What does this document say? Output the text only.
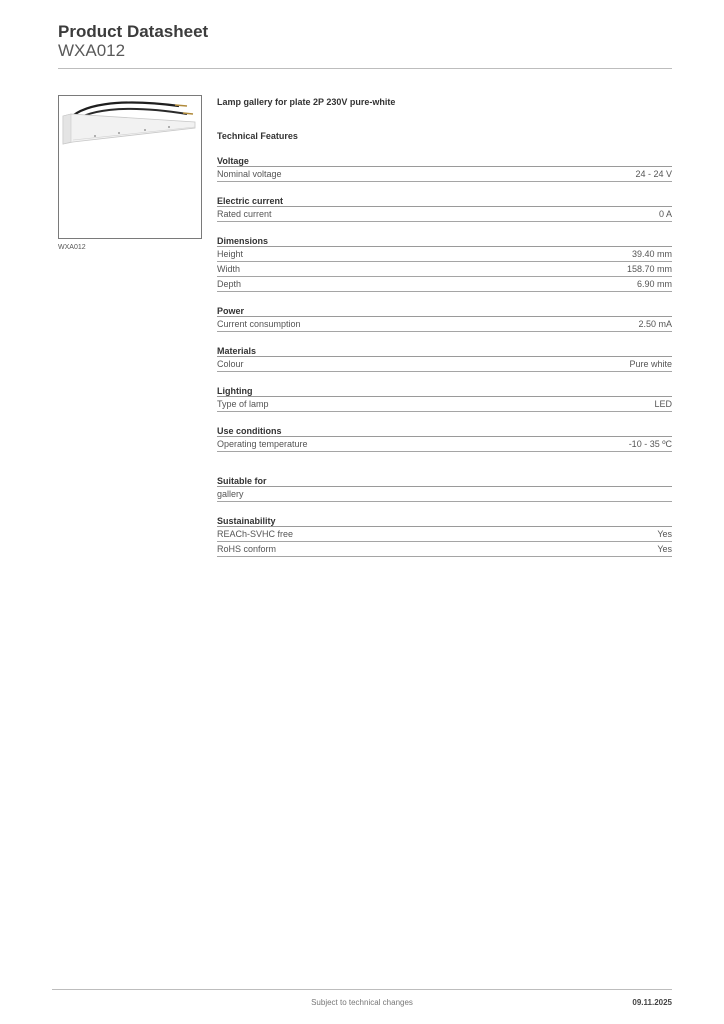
Product Datasheet
WXA012
WXA012
Lamp gallery for plate 2P 230V pure-white
Technical Features
Voltage
Nominal voltage	24 - 24 V
Electric current
Rated current	0 A
Dimensions
Height	39.40 mm
Width	158.70 mm
Depth	6.90 mm
Power
Current consumption	2.50 mA
Materials
Colour	Pure white
Lighting
Type of lamp	LED
Use conditions
Operating temperature	-10 - 35 ºC
Suitable for
gallery
Sustainability
REACh-SVHC free	Yes
RoHS conform	Yes
Subject to technical changes	09.11.2025
